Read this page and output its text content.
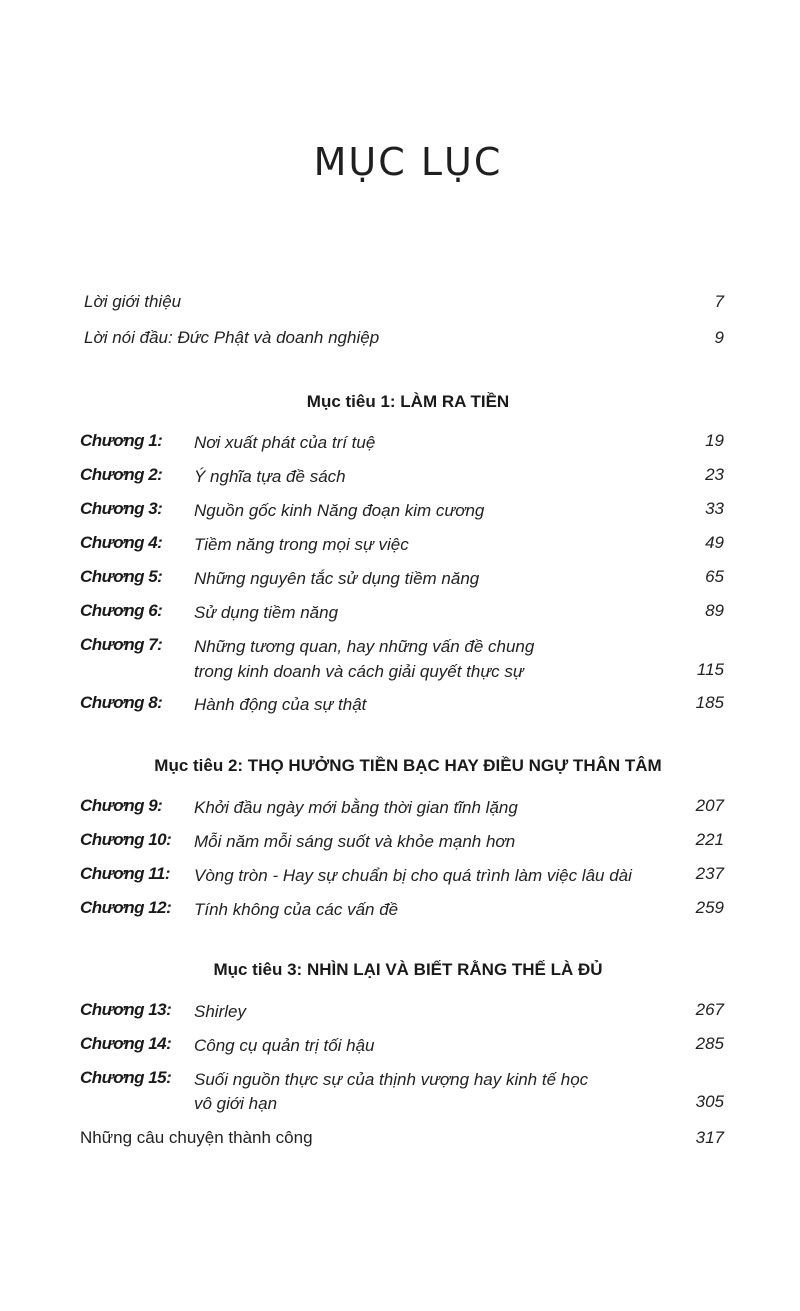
MỤC LỤC
Lời giới thiệu	7
Lời nói đầu: Đức Phật và doanh nghiệp	9
Mục tiêu 1: LÀM RA TIỀN
Chương 1: Nơi xuất phát của trí tuệ	19
Chương 2: Ý nghĩa tựa đề sách	23
Chương 3: Nguồn gốc kinh Năng đoạn kim cương	33
Chương 4: Tiềm năng trong mọi sự việc	49
Chương 5: Những nguyên tắc sử dụng tiềm năng	65
Chương 6: Sử dụng tiềm năng	89
Chương 7: Những tương quan, hay những vấn đề chung
trong kinh doanh và cách giải quyết thực sự	115
Chương 8: Hành động của sự thật	185
Mục tiêu 2: THỌ HƯỞNG TIỀN BẠC HAY ĐIỀU NGỰ THÂN TÂM
Chương 9: Khởi đầu ngày mới bằng thời gian tĩnh lặng	207
Chương 10: Mỗi năm mỗi sáng suốt và khỏe mạnh hơn	221
Chương 11: Vòng tròn - Hay sự chuẩn bị cho quá trình làm việc lâu dài	237
Chương 12: Tính không của các vấn đề	259
Mục tiêu 3: NHÌN LẠI VÀ BIẾT RẰNG THẾ LÀ ĐỦ
Chương 13: Shirley	267
Chương 14: Công cụ quản trị tối hậu	285
Chương 15: Suối nguồn thực sự của thịnh vượng hay kinh tế học
vô giới hạn	305
Những câu chuyện thành công	317
